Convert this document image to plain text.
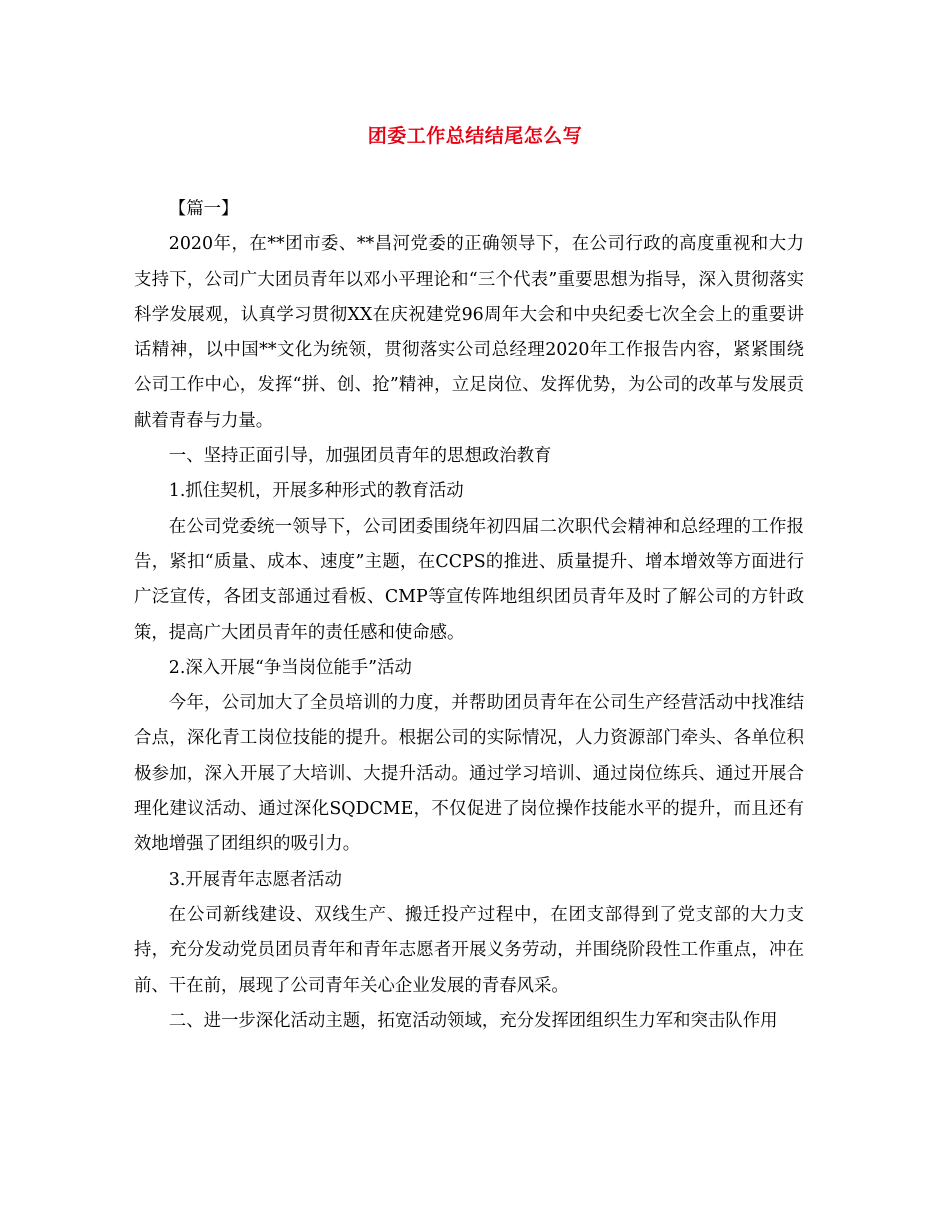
团委工作总结结尾怎么写

【篇一】

2020年，在**团市委、**昌河党委的正确领导下，在公司行政的高度重视和大力支持下，公司广大团员青年以邓小平理论和“三个代表”重要思想为指导，深入贯彻落实科学发展观，认真学习贯彻XX在庆祝建党96周年大会和中央纪委七次全会上的重要讲话精神，以中国**文化为统领，贯彻落实公司总经理2020年工作报告内容，紧紧围绕公司工作中心，发挥“拼、创、抢”精神，立足岗位、发挥优势，为公司的改革与发展贡献着青春与力量。

一、坚持正面引导，加强团员青年的思想政治教育

1.抓住契机，开展多种形式的教育活动

在公司党委统一领导下，公司团委围绕年初四届二次职代会精神和总经理的工作报告，紧扣“质量、成本、速度”主题，在CCPS的推进、质量提升、增本增效等方面进行广泛宣传，各团支部通过看板、CMP等宣传阵地组织团员青年及时了解公司的方针政策，提高广大团员青年的责任感和使命感。

2.深入开展“争当岗位能手”活动

今年，公司加大了全员培训的力度，并帮助团员青年在公司生产经营活动中找准结合点，深化青工岗位技能的提升。根据公司的实际情况，人力资源部门牵头、各单位积极参加，深入开展了大培训、大提升活动。通过学习培训、通过岗位练兵、通过开展合理化建议活动、通过深化SQDCME，不仅促进了岗位操作技能水平的提升，而且还有效地增强了团组织的吸引力。

3.开展青年志愿者活动

在公司新线建设、双线生产、搬迁投产过程中，在团支部得到了党支部的大力支持，充分发动党员团员青年和青年志愿者开展义务劳动，并围绕阶段性工作重点，冲在前、干在前，展现了公司青年关心企业发展的青春风采。

二、进一步深化活动主题，拓宽活动领域，充分发挥团组织生力军和突击队作用
